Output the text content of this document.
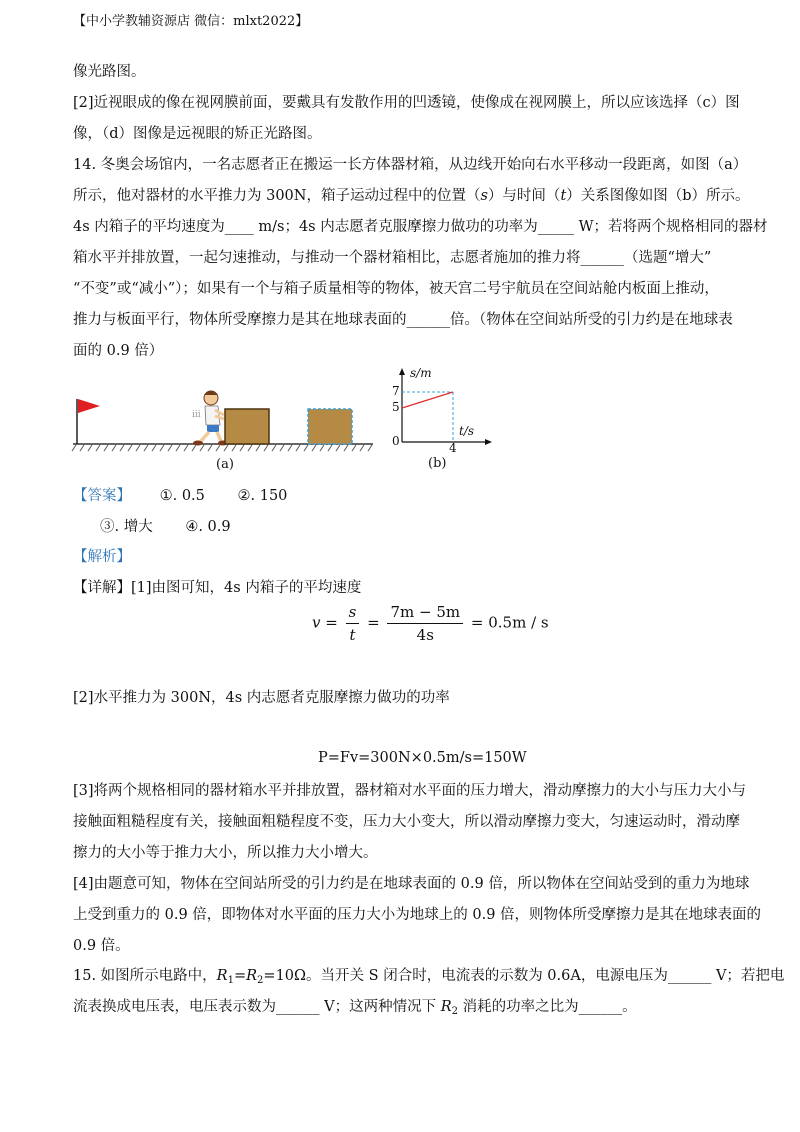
【中小学教辅资源店 微信：mlxt2022】
像光路图。
[2]近视眼成的像在视网膜前面，要戴具有发散作用的凹透镜，使像成在视网膜上，所以应该选择（c）图
像，（d）图像是远视眼的矫正光路图。
14. 冬奥会场馆内，一名志愿者正在搬运一长方体器材箱，从边线开始向右水平移动一段距离，如图（a）
所示，他对器材的水平推力为 300N，箱子运动过程中的位置（s）与时间（t）关系图像如图（b）所示。
4s 内箱子的平均速度为____ m/s；4s 内志愿者克服摩擦力做功的功率为_____ W；若将两个规格相同的器材
箱水平并排放置，一起匀速推动，与推动一个器材箱相比，志愿者施加的推力将______（选题“增大”
“不变”或“减小”）；如果有一个与箱子质量相等的物体，被天宫二号宇航员在空间站舱内板面上推动，
推力与板面平行，物体所受摩擦力是其在地球表面的______倍。（物体在空间站所受的引力约是在地球表
面的 0.9 倍）
ⅲ
(a)
s/m
t/s
7
5
0	4
(b)
【答案】 ①. 0.5 ②. 150
③. 增大 ④. 0.9
【解析】
【详解】[1]由图可知，4s 内箱子的平均速度
$v = \frac{s}{t} = \frac{7m - 5m}{4s} = 0.5m / s$
[2]水平推力为 300N，4s 内志愿者克服摩擦力做功的功率
P=Fv=300N×0.5m/s=150W
[3]将两个规格相同的器材箱水平并排放置，器材箱对水平面的压力增大，滑动摩擦力的大小与压力大小与
接触面粗糙程度有关，接触面粗糙程度不变，压力大小变大，所以滑动摩擦力变大，匀速运动时，滑动摩
擦力的大小等于推力大小，所以推力大小增大。
[4]由题意可知，物体在空间站所受的引力约是在地球表面的 0.9 倍，所以物体在空间站受到的重力为地球
上受到重力的 0.9 倍，即物体对水平面的压力大小为地球上的 0.9 倍，则物体所受摩擦力是其在地球表面的
0.9 倍。
15. 如图所示电路中，$R_1=R_2=10\Omega$。当开关 S 闭合时，电流表的示数为 0.6A，电源电压为______ V；若把电
流表换成电压表，电压表示数为______ V；这两种情况下 $R_2$ 消耗的功率之比为______。
